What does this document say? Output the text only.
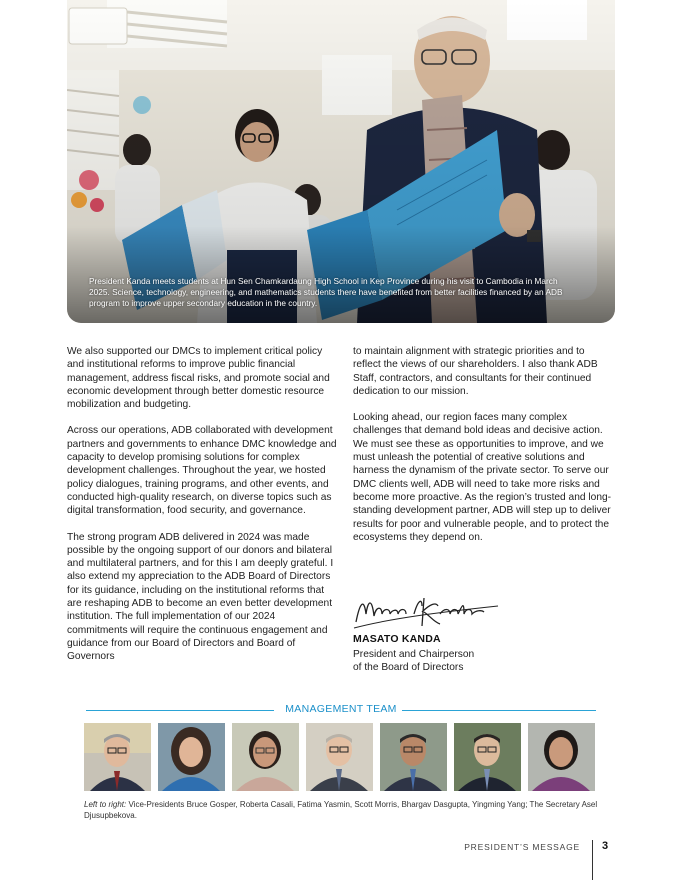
President Kanda meets students at Hun Sen Chamkardaung High School in Kep Province during his visit to Cambodia in March 2025. Science, technology, engineering, and mathematics students there have benefited from better facilities financed by an ADB program to improve upper secondary education in the country.

We also supported our DMCs to implement critical policy and institutional reforms to improve public financial management, address fiscal risks, and promote social and economic development through better domestic resource mobilization and budgeting.

Across our operations, ADB collaborated with development partners and governments to enhance DMC knowledge and capacity to develop promising solutions for complex development challenges. Throughout the year, we hosted policy dialogues, training programs, and other events, and conducted high-quality research, on diverse topics such as digital transformation, food security, and governance.

The strong program ADB delivered in 2024 was made possible by the ongoing support of our donors and bilateral and multilateral partners, and for this I am deeply grateful. I also extend my appreciation to the ADB Board of Directors for its guidance, including on the institutional reforms that are reshaping ADB to become an even better development institution. The full implementation of our 2024 commitments will require the continuous engagement and guidance from our Board of Directors and Board of Governors

to maintain alignment with strategic priorities and to reflect the views of our shareholders. I also thank ADB Staff, contractors, and consultants for their continued dedication to our mission.

Looking ahead, our region faces many complex challenges that demand bold ideas and decisive action. We must see these as opportunities to improve, and we must unleash the potential of creative solutions and harness the dynamism of the private sector. To serve our DMC clients well, ADB will need to take more risks and become more proactive. As the region’s trusted and long-standing development partner, ADB will step up to deliver results for poor and vulnerable people, and to protect the ecosystems they depend on.

MASATO KANDA
President and Chairperson
of the Board of Directors
MANAGEMENT TEAM
Left to right: Vice-Presidents Bruce Gosper, Roberta Casali, Fatima Yasmin, Scott Morris, Bhargav Dasgupta, Yingming Yang; The Secretary Asel Djusupbekova.
PRESIDENT’S MESSAGE 3
